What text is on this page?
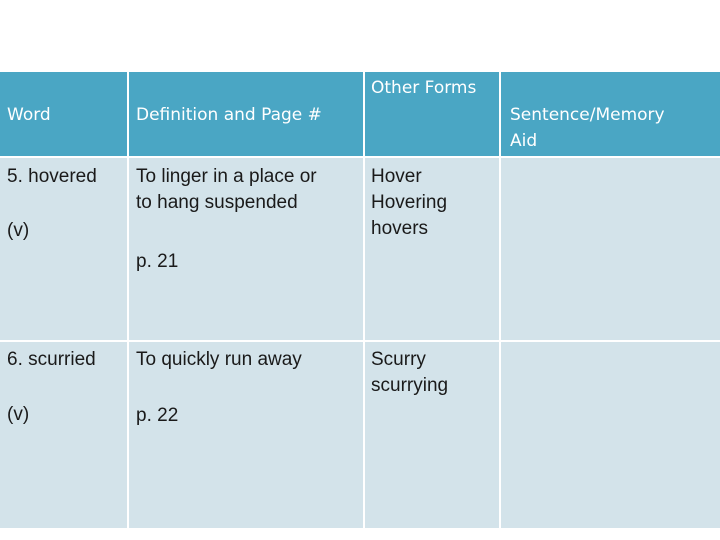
Word	Definition and Page #
Other Forms
Sentence/Memory
Aid
5. hovered
(v)
To linger in a place or
to hang suspended
p. 21
Hover
Hovering
hovers
6. scurried
(v)
To quickly run away
p. 22
Scurry
scurrying
